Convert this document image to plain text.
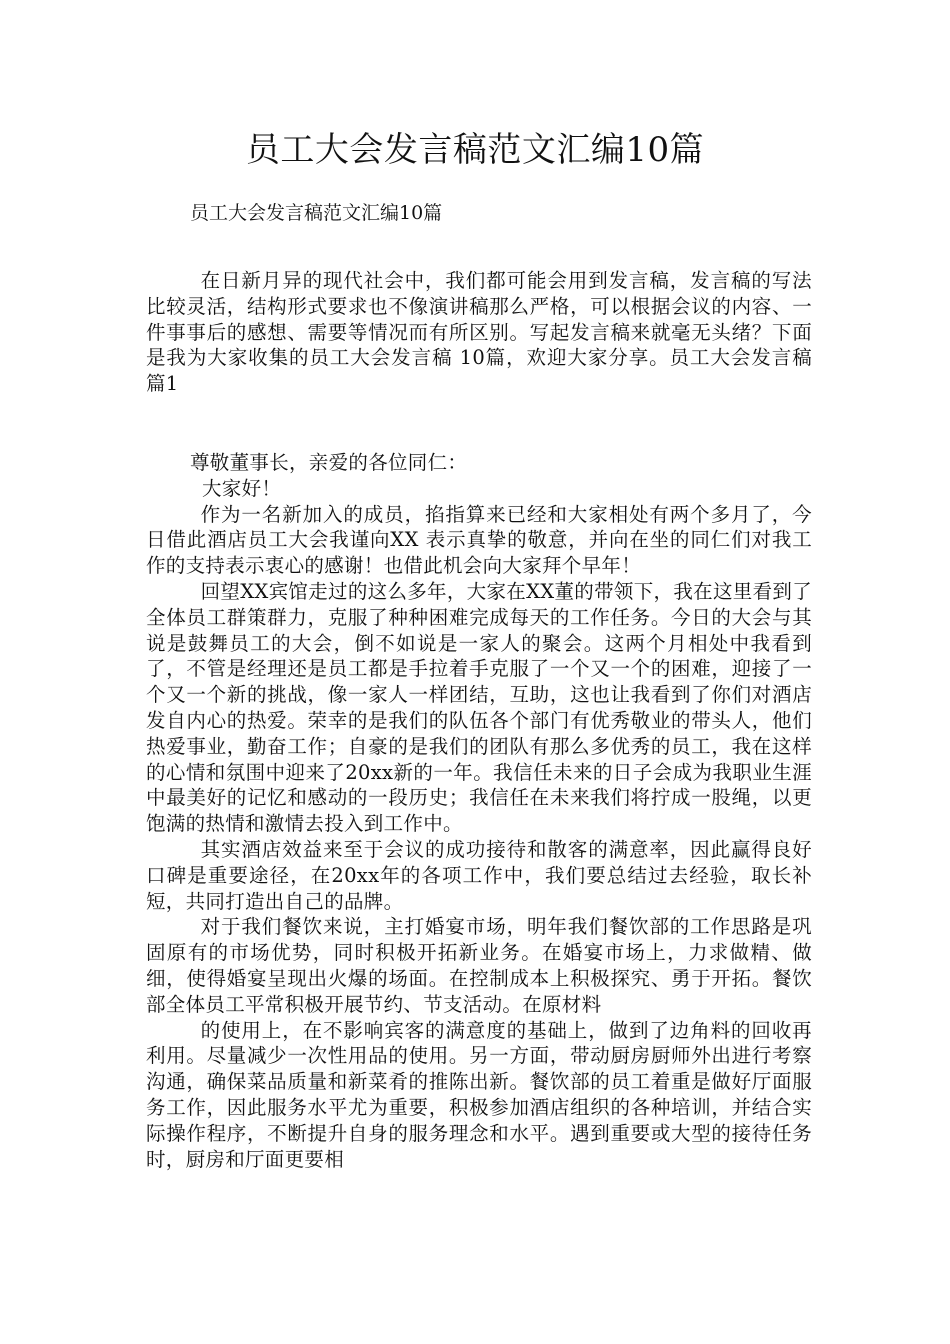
员工大会发言稿范文汇编10篇

员工大会发言稿范文汇编10篇

在日新月异的现代社会中，我们都可能会用到发言稿，发言稿的写法比较灵活，结构形式要求也不像演讲稿那么严格，可以根据会议的内容、一件事事后的感想、需要等情况而有所区别。写起发言稿来就毫无头绪？下面是我为大家收集的员工大会发言稿 10篇，欢迎大家分享。员工大会发言稿 篇1

尊敬董事长，亲爱的各位同仁：

大家好！

作为一名新加入的成员，掐指算来已经和大家相处有两个多月了，今日借此酒店员工大会我谨向XX 表示真挚的敬意，并向在坐的同仁们对我工作的支持表示衷心的感谢！也借此机会向大家拜个早年！

回望XX宾馆走过的这么多年，大家在XX董的带领下，我在这里看到了全体员工群策群力，克服了种种困难完成每天的工作任务。今日的大会与其说是鼓舞员工的大会，倒不如说是一家人的聚会。这两个月相处中我看到了，不管是经理还是员工都是手拉着手克服了一个又一个的困难，迎接了一个又一个新的挑战，像一家人一样团结，互助，这也让我看到了你们对酒店发自内心的热爱。荣幸的是我们的队伍各个部门有优秀敬业的带头人，他们热爱事业，勤奋工作；自豪的是我们的团队有那么多优秀的员工，我在这样的心情和氛围中迎来了20xx新的一年。我信任未来的日子会成为我职业生涯中最美好的记忆和感动的一段历史；我信任在未来我们将拧成一股绳，以更饱满的热情和激情去投入到工作中。

其实酒店效益来至于会议的成功接待和散客的满意率，因此赢得良好口碑是重要途径，在20xx年的各项工作中，我们要总结过去经验，取长补短，共同打造出自己的品牌。

对于我们餐饮来说，主打婚宴市场，明年我们餐饮部的工作思路是巩固原有的市场优势，同时积极开拓新业务。在婚宴市场上，力求做精、做细，使得婚宴呈现出火爆的场面。在控制成本上积极探究、勇于开拓。餐饮部全体员工平常积极开展节约、节支活动。在原材料

的使用上，在不影响宾客的满意度的基础上，做到了边角料的回收再利用。尽量减少一次性用品的使用。另一方面，带动厨房厨师外出进行考察沟通，确保菜品质量和新菜肴的推陈出新。餐饮部的员工着重是做好厅面服务工作，因此服务水平尤为重要，积极参加酒店组织的各种培训，并结合实际操作程序，不断提升自身的服务理念和水平。遇到重要或大型的接待任务时，厨房和厅面更要相
